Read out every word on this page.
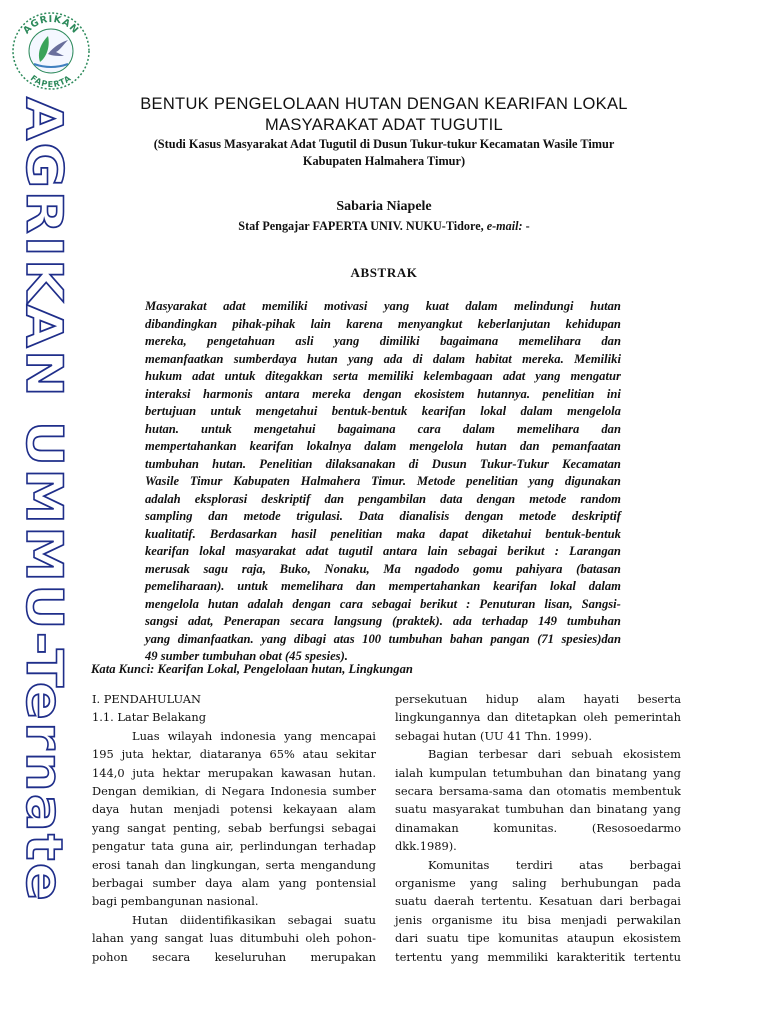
AGRIKAN
FAPERTA
AGRIKAN UMMU-Ternate	BENTUK PENGELOLAAN HUTAN DENGAN KEARIFAN LOKAL
MASYARAKAT ADAT TUGUTIL
(Studi Kasus Masyarakat Adat Tugutil di Dusun Tukur-tukur Kecamatan Wasile Timur
Kabupaten Halmahera Timur)
Sabaria Niapele
Staf Pengajar FAPERTA UNIV. NUKU-Tidore, e-mail: -
ABSTRAK
Masyarakat adat memiliki motivasi yang kuat dalam melindungi hutan
dibandingkan pihak-pihak lain karena menyangkut keberlanjutan kehidupan
mereka, pengetahuan asli yang dimiliki bagaimana memelihara dan
memanfaatkan sumberdaya hutan yang ada di dalam habitat mereka. Memiliki
hukum adat untuk ditegakkan serta memiliki kelembagaan adat yang mengatur
interaksi harmonis antara mereka dengan ekosistem hutannya. penelitian ini
bertujuan untuk mengetahui bentuk-bentuk kearifan lokal dalam mengelola
hutan. untuk mengetahui bagaimana cara dalam memelihara dan
mempertahankan kearifan lokalnya dalam mengelola hutan dan pemanfaatan
tumbuhan hutan. Penelitian dilaksanakan di Dusun Tukur-Tukur Kecamatan
Wasile Timur Kabupaten Halmahera Timur. Metode penelitian yang digunakan
adalah eksplorasi deskriptif dan pengambilan data dengan metode random
sampling dan metode trigulasi. Data dianalisis dengan metode deskriptif
kualitatif. Berdasarkan hasil penelitian maka dapat diketahui bentuk-bentuk
kearifan lokal masyarakat adat tugutil antara lain sebagai berikut : Larangan
merusak sagu raja, Buko, Nonaku, Ma ngadodo gomu pahiyara (batasan
pemeliharaan). untuk memelihara dan mempertahankan kearifan lokal dalam
mengelola hutan adalah dengan cara sebagai berikut : Penuturan lisan, Sangsi-
sangsi adat, Penerapan secara langsung (praktek). ada terhadap 149 tumbuhan
yang dimanfaatkan. yang dibagi atas 100 tumbuhan bahan pangan (71 spesies)dan
49 sumber tumbuhan obat (45 spesies).
Kata Kunci: Kearifan Lokal, Pengelolaan hutan, Lingkungan
I. PENDAHULUAN
1.1. Latar Belakang
Luas wilayah indonesia yang mencapai
195 juta hektar, diataranya 65% atau sekitar
144,0 juta hektar merupakan kawasan hutan.
Dengan demikian, di Negara Indonesia sumber
daya hutan menjadi potensi kekayaan alam
yang sangat penting, sebab berfungsi sebagai
pengatur tata guna air, perlindungan terhadap
erosi tanah dan lingkungan, serta mengandung
berbagai sumber daya alam yang pontensial
bagi pembangunan nasional.
Hutan diidentifikasikan sebagai suatu
lahan yang sangat luas ditumbuhi oleh pohon-
pohon secara keseluruhan merupakan
persekutuan hidup alam hayati beserta
lingkungannya dan ditetapkan oleh pemerintah
sebagai hutan (UU 41 Thn. 1999).
Bagian terbesar dari sebuah ekosistem
ialah kumpulan tetumbuhan dan binatang yang
secara bersama-sama dan otomatis membentuk
suatu masyarakat tumbuhan dan binatang yang
dinamakan	komunitas.	(Resosoedarmo
dkk.1989).
Komunitas terdiri atas berbagai
organisme yang saling berhubungan pada
suatu daerah tertentu. Kesatuan dari berbagai
jenis organisme itu bisa menjadi perwakilan
dari suatu tipe komunitas ataupun ekosistem
tertentu yang memmiliki karakteritik tertentu
